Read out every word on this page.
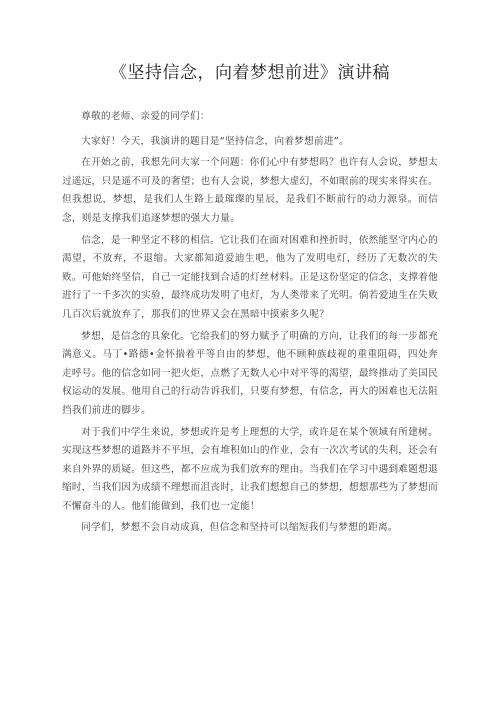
《坚持信念，向着梦想前进》演讲稿

尊敬的老师、亲爱的同学们：

大家好！今天，我演讲的题目是“坚持信念，向着梦想前进”。

在开始之前，我想先问大家一个问题：你们心中有梦想吗？也许有人会说，梦想太过遥远，只是遥不可及的奢望；也有人会说，梦想大虚幻，不如眼前的现实来得实在。但我想说，梦想，是我们人生路上最璀璨的星辰，是我们不断前行的动力源泉。而信念，则是支撑我们追逐梦想的强大力量。

信念，是一种坚定不移的相信。它让我们在面对困难和挫折时，依然能坚守内心的渴望，不放弃，不退缩。大家都知道爱迪生吧，他为了发明电灯，经历了无数次的失败。可他始终坚信，自己一定能找到合适的灯丝材料。正是这份坚定的信念，支撑着他进行了一千多次的实验，最终成功发明了电灯，为人类带来了光明。倘若爱迪生在失败几百次后就放弃了，那我们的世界又会在黑暗中摸索多久呢？

梦想，是信念的具象化。它给我们的努力赋予了明确的方向，让我们的每一步都充满意义。马丁•路德•金怀揣着平等自由的梦想，他不顾种族歧视的重重阻碍，四处奔走呼号。他的信念如同一把火炬，点燃了无数人心中对平等的渴望，最终推动了美国民权运动的发展。他用自己的行动告诉我们，只要有梦想，有信念，再大的困难也无法阻挡我们前进的脚步。

对于我们中学生来说，梦想或许是考上理想的大学，或许是在某个领域有所建树。实现这些梦想的道路并不平坦，会有堆积如山的作业，会有一次次考试的失利，还会有来自外界的质疑。但这些，都不应成为我们放弃的理由。当我们在学习中遇到难题想退缩时，当我们因为成绩不理想而沮丧时，让我们想想自己的梦想，想想那些为了梦想而不懈奋斗的人。他们能做到，我们也一定能！

同学们，梦想不会自动成真，但信念和坚持可以缩短我们与梦想的距离。
